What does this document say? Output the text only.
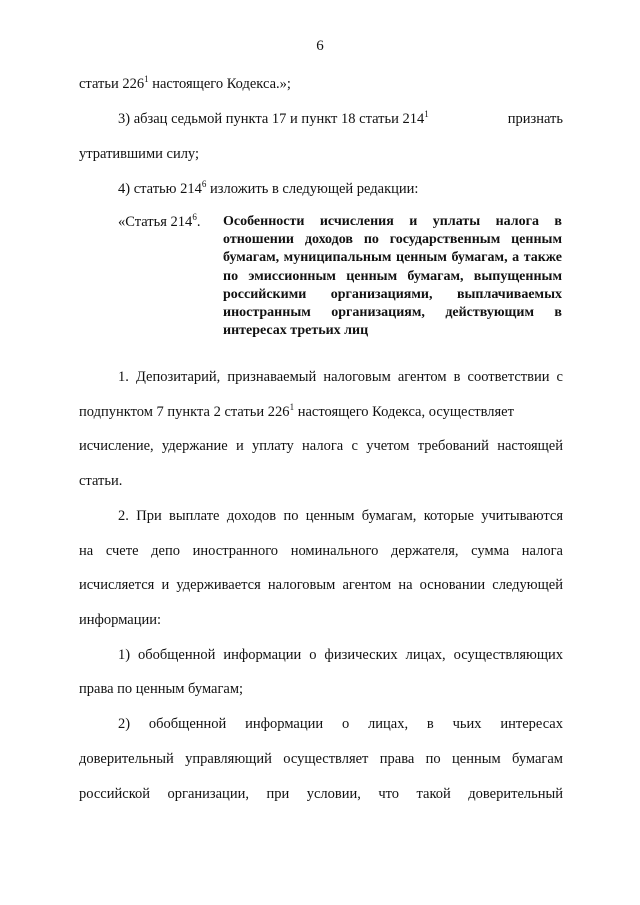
6
статьи $226^1$ настоящего Кодекса.»;
3) абзац седьмой пункта 17 и пункт 18 статьи $214^1$	признать
утратившими силу;
4) статью $214^6$ изложить в следующей редакции:
«Статья $214^6$. Особенности исчисления и уплаты налога в отношении доходов по государственным ценным бумагам, муниципальным ценным бумагам, а также по эмиссионным ценным бумагам, выпущенным российскими организациями, выплачиваемых иностранным организациям, действующим в интересах третьих лиц
1. Депозитарий, признаваемый налоговым агентом в соответствии с
подпунктом 7 пункта 2 статьи $226^1$ настоящего Кодекса, осуществляет
исчисление, удержание и уплату налога с учетом требований настоящей
статьи.
2. При выплате доходов по ценным бумагам, которые учитываются
на счете депо иностранного номинального держателя, сумма налога
исчисляется и удерживается налоговым агентом на основании следующей
информации:
1) обобщенной информации о физических лицах, осуществляющих
права по ценным бумагам;
2) обобщенной информации о лицах, в чьих интересах
доверительный управляющий осуществляет права по ценным бумагам
российской организации, при условии, что такой доверительный
